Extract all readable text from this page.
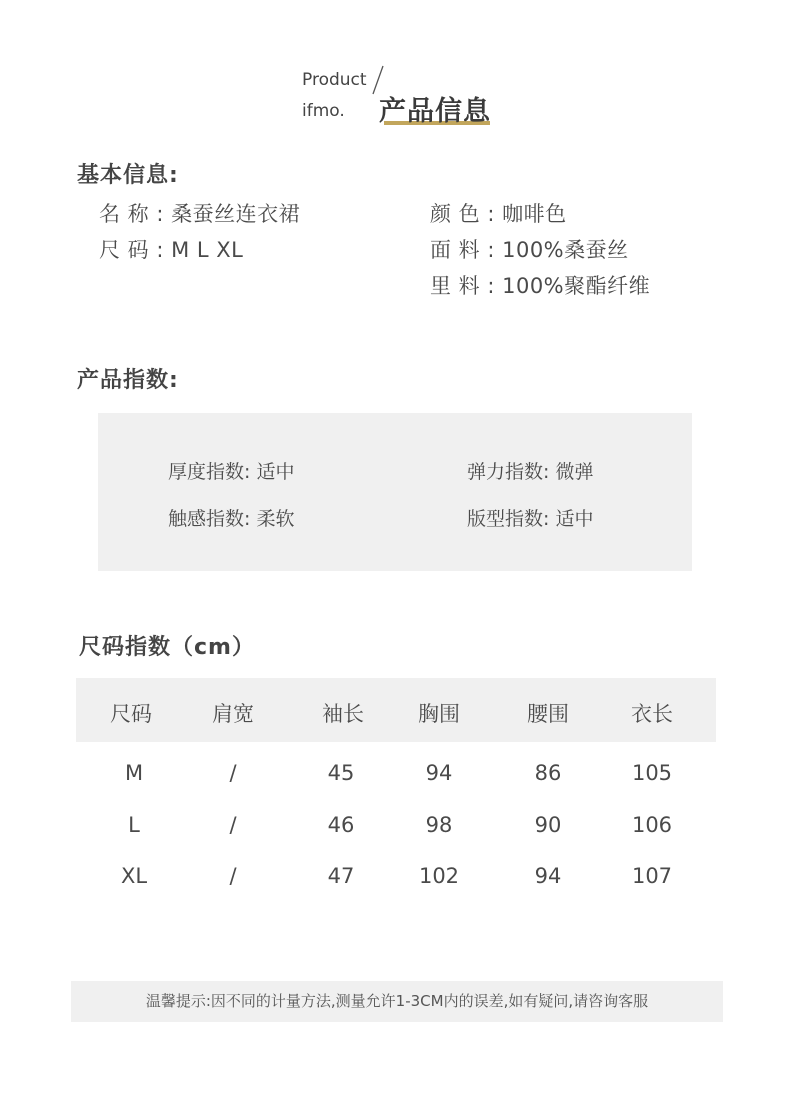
Product
ifmo. 产品信息
基本信息:
名 称 : 桑蚕丝连衣裙
尺 码 : M L XL
颜 色 : 咖啡色
面 料 : 100%桑蚕丝
里 料 : 100%聚酯纤维
产品指数:
厚度指数: 适中	弹力指数: 微弹
触感指数: 柔软	版型指数: 适中
尺码指数（cm）
尺码	肩宽	袖长	胸围	腰围	衣长
M	/	45	94	86	105
L	/	46	98	90	106
XL	/	47	102	94	107
温馨提示:因不同的计量方法,测量允许1-3CM内的误差,如有疑问,请咨询客服
